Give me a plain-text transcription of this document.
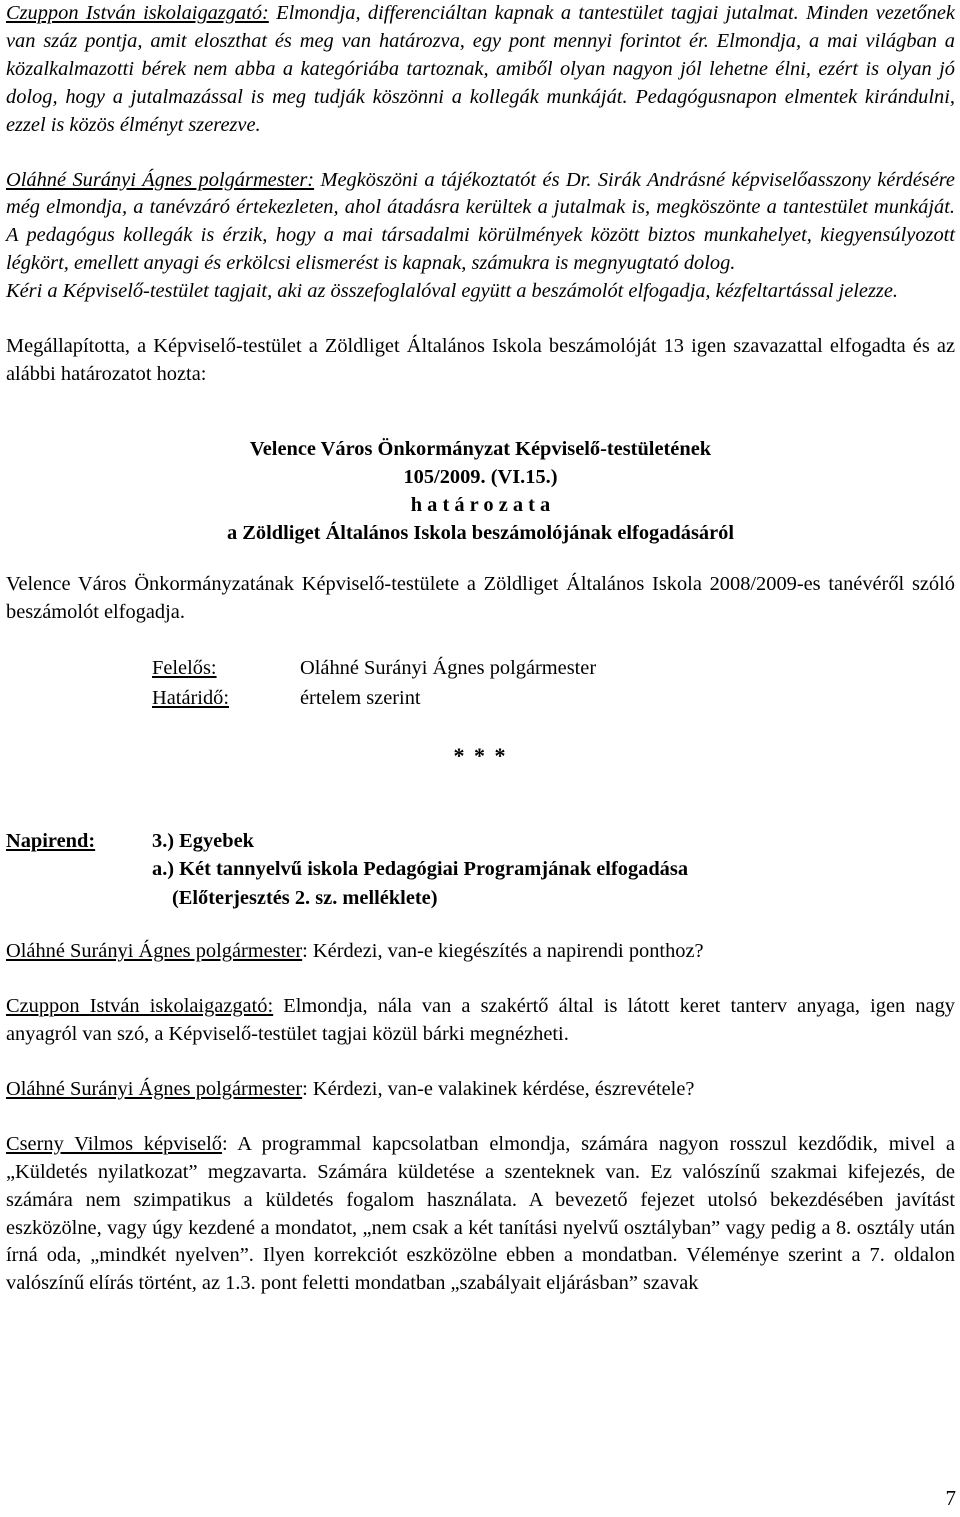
Czuppon István iskolaigazgató: Elmondja, differenciáltan kapnak a tantestület tagjai jutalmat. Minden vezetőnek van száz pontja, amit eloszthat és meg van határozva, egy pont mennyi forintot ér. Elmondja, a mai világban a közalkalmazotti bérek nem abba a kategóriába tartoznak, amiből olyan nagyon jól lehetne élni, ezért is olyan jó dolog, hogy a jutalmazással is meg tudják köszönni a kollegák munkáját. Pedagógusnapon elmentek kirándulni, ezzel is közös élményt szerezve.

Oláhné Surányi Ágnes polgármester: Megköszöni a tájékoztatót és Dr. Sirák Andrásné képviselőasszony kérdésére még elmondja, a tanévzáró értekezleten, ahol átadásra kerültek a jutalmak is, megköszönte a tantestület munkáját. A pedagógus kollegák is érzik, hogy a mai társadalmi körülmények között biztos munkahelyet, kiegyensúlyozott légkört, emellett anyagi és erkölcsi elismerést is kapnak, számukra is megnyugtató dolog.

Kéri a Képviselő-testület tagjait, aki az összefoglalóval együtt a beszámolót elfogadja, kézfeltartással jelezze.

Megállapította, a Képviselő-testület a Zöldliget Általános Iskola beszámolóját 13 igen szavazattal elfogadta és az alábbi határozatot hozta:

Velence Város Önkormányzat Képviselő-testületének
105/2009. (VI.15.)
h a t á r o z a t a
a Zöldliget Általános Iskola beszámolójának elfogadásáról

Velence Város Önkormányzatának Képviselő-testülete a Zöldliget Általános Iskola 2008/2009-es tanévéről szóló beszámolót elfogadja.

Felelős:	Oláhné Surányi Ágnes polgármester
Határidő:	értelem szerint
* * *
Napirend:	3.) Egyebek
a.) Két tannyelvű iskola Pedagógiai Programjának elfogadása
(Előterjesztés 2. sz. melléklete)

Oláhné Surányi Ágnes polgármester: Kérdezi, van-e kiegészítés a napirendi ponthoz?

Czuppon István iskolaigazgató: Elmondja, nála van a szakértő által is látott keret tanterv anyaga, igen nagy anyagról van szó, a Képviselő-testület tagjai közül bárki megnézheti.

Oláhné Surányi Ágnes polgármester: Kérdezi, van-e valakinek kérdése, észrevétele?

Cserny Vilmos képviselő: A programmal kapcsolatban elmondja, számára nagyon rosszul kezdődik, mivel a „Küldetés nyilatkozat” megzavarta. Számára küldetése a szenteknek van. Ez valószínű szakmai kifejezés, de számára nem szimpatikus a küldetés fogalom használata. A bevezető fejezet utolsó bekezdésében javítást eszközölne, vagy úgy kezdené a mondatot, „nem csak a két tanítási nyelvű osztályban” vagy pedig a 8. osztály után írná oda, „mindkét nyelven”. Ilyen korrekciót eszközölne ebben a mondatban. Véleménye szerint a 7. oldalon valószínű elírás történt, az 1.3. pont feletti mondatban „szabályait eljárásban” szavak

7
